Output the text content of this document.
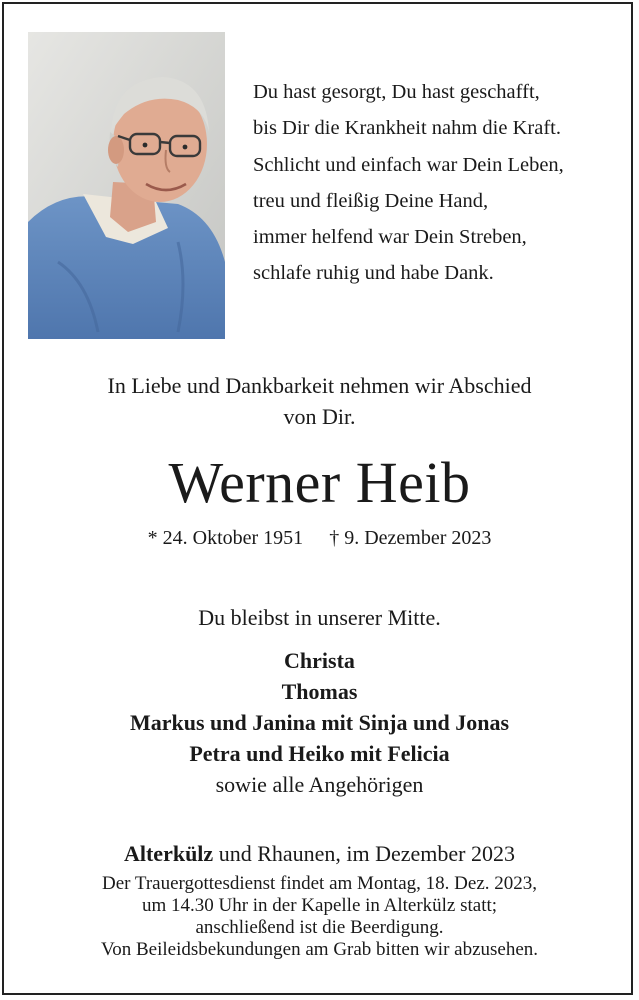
Du hast gesorgt, Du hast geschafft,
bis Dir die Krankheit nahm die Kraft.
Schlicht und einfach war Dein Leben,
treu und fleißig Deine Hand,
immer helfend war Dein Streben,
schlafe ruhig und habe Dank.
In Liebe und Dankbarkeit nehmen wir Abschied
von Dir.
Werner Heib
* 24. Oktober 1951 † 9. Dezember 2023
Du bleibst in unserer Mitte.
Christa
Thomas
Markus und Janina mit Sinja und Jonas
Petra und Heiko mit Felicia
sowie alle Angehörigen
Alterkülz und Rhaunen, im Dezember 2023
Der Trauergottesdienst findet am Montag, 18. Dez. 2023,
um 14.30 Uhr in der Kapelle in Alterkülz statt;
anschließend ist die Beerdigung.
Von Beileidsbekundungen am Grab bitten wir abzusehen.
